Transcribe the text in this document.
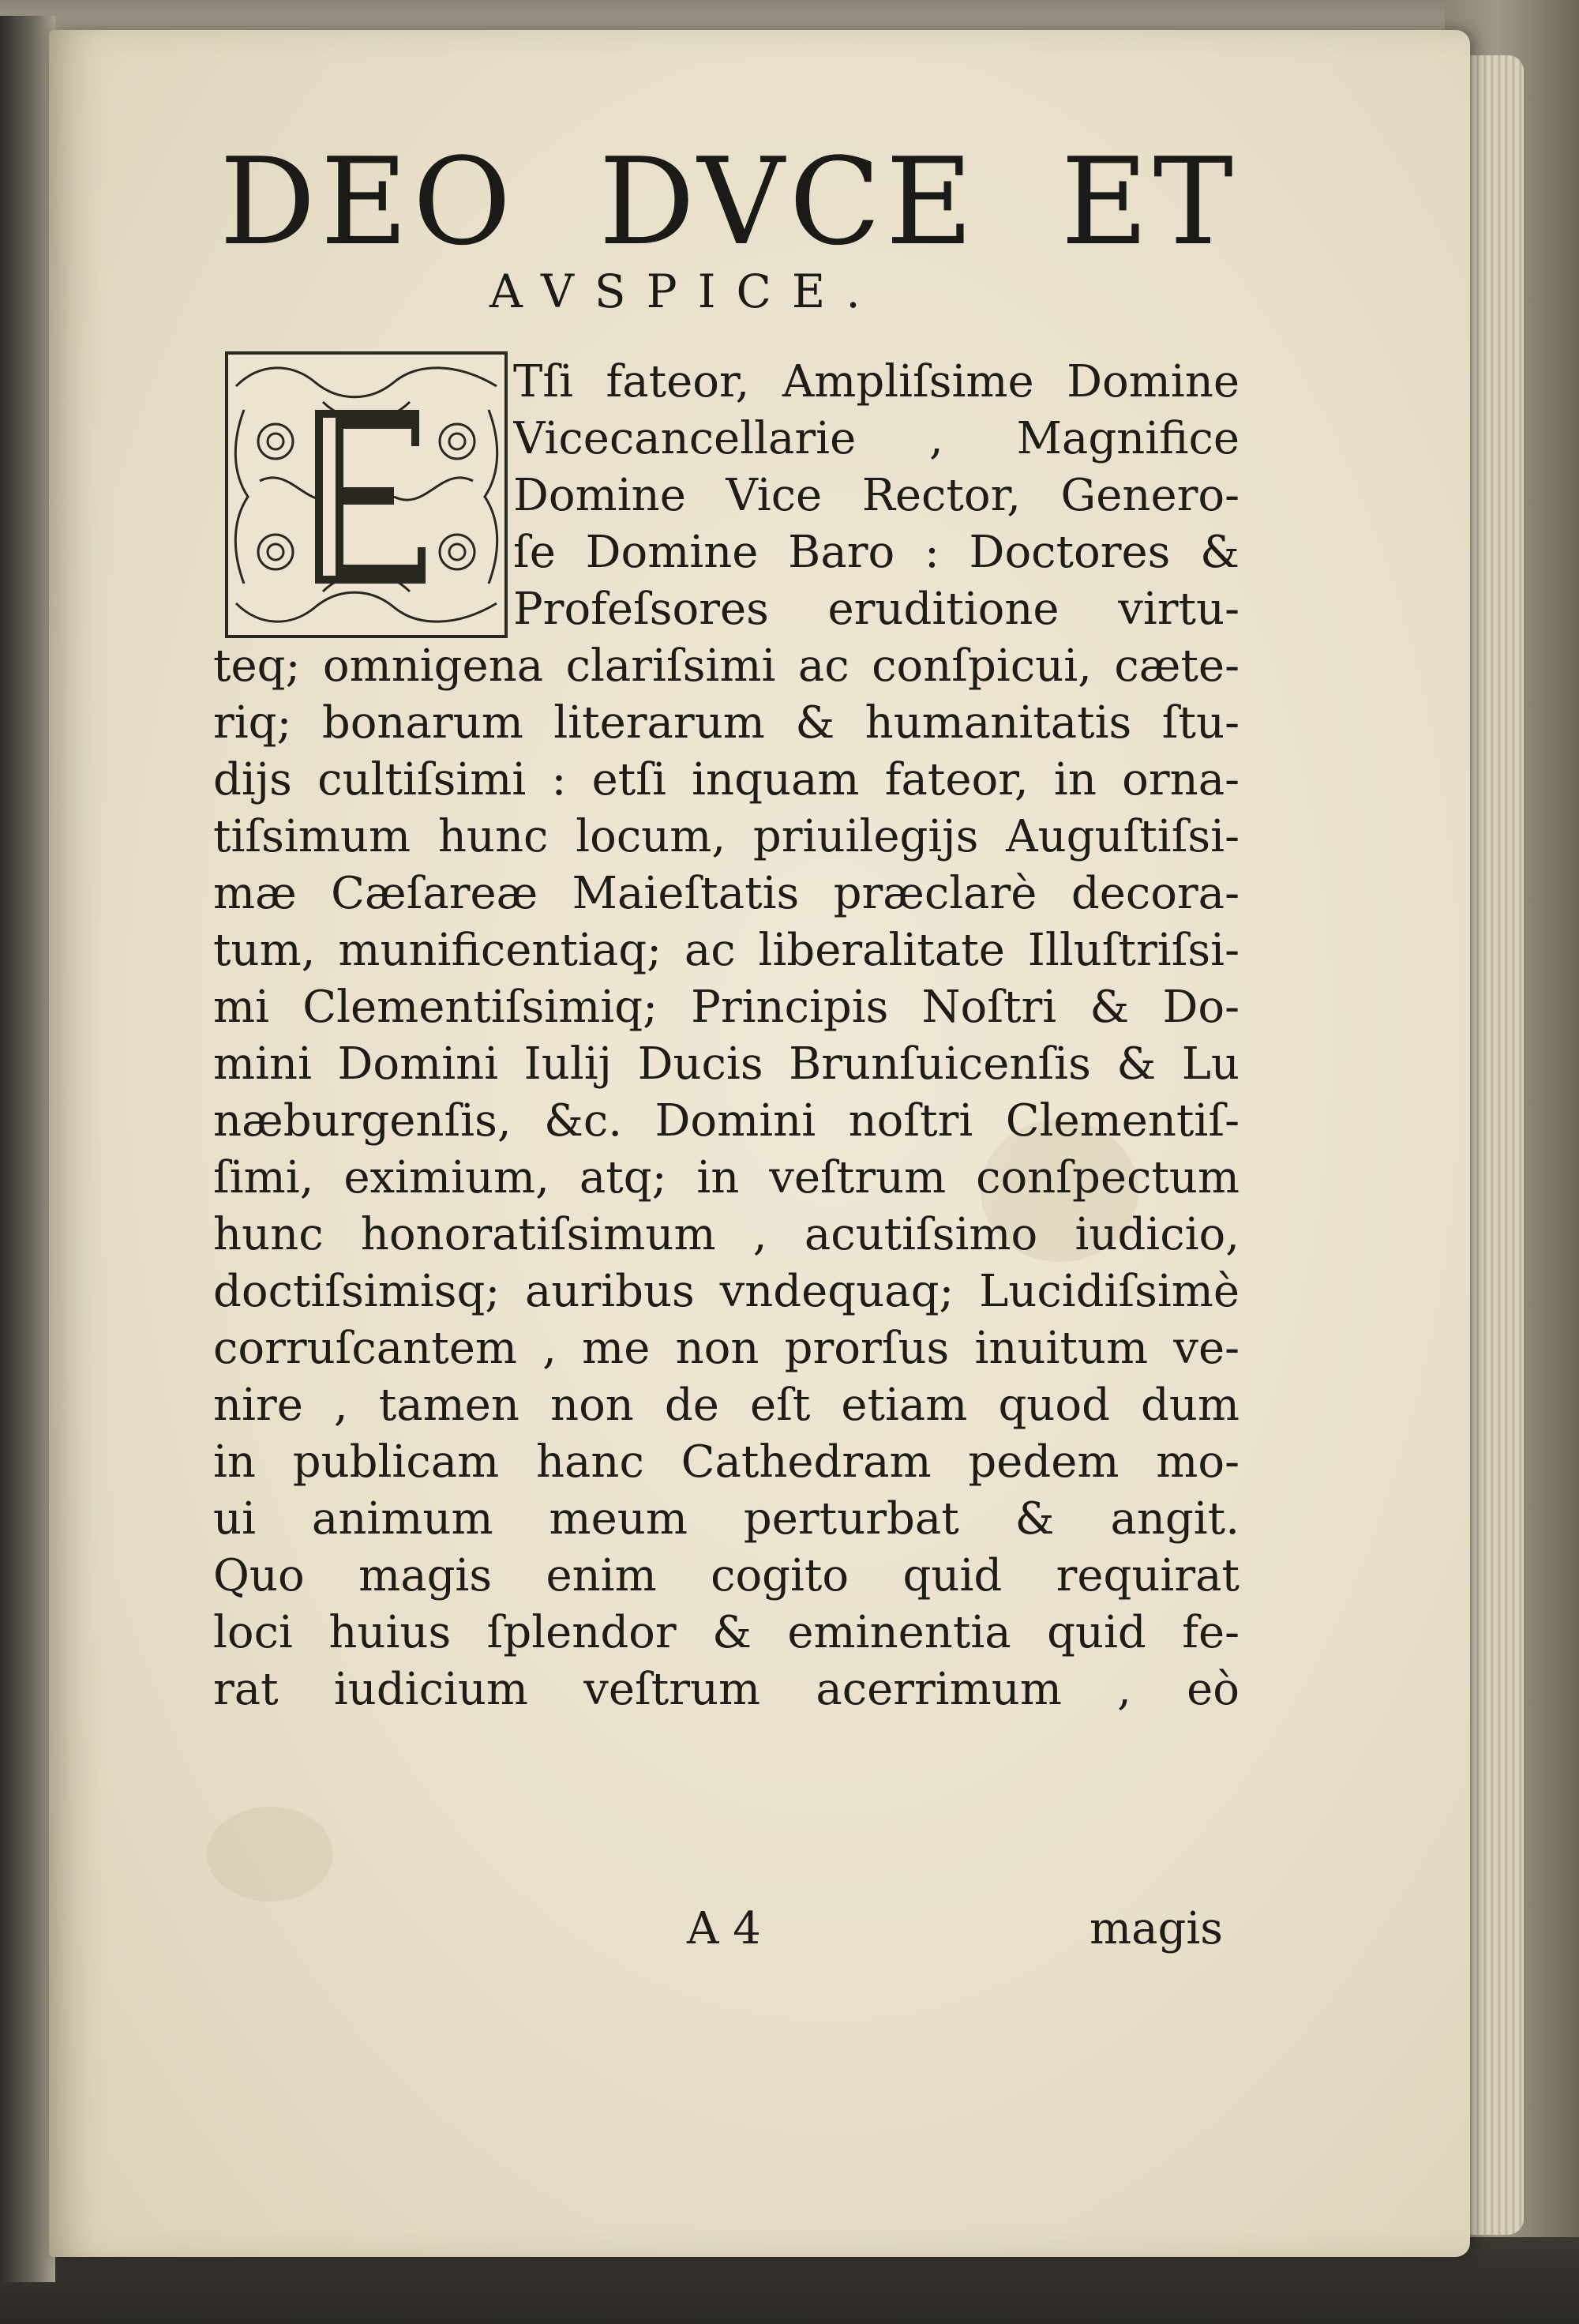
DEO DVCE ET
AVSPICE.
Tſi fateor, Ampliſsime Domine
Vicecancellarie , Magnifice
Domine Vice Rector, Genero-
ſe Domine Baro : Doctores &
Profeſsores eruditione virtu-
teq; omnigena clariſsimi ac conſpicui, cæte-
riq; bonarum literarum & humanitatis ſtu-
dijs cultiſsimi : etſi inquam fateor, in orna-
tiſsimum hunc locum, priuilegijs Auguſtiſsi-
mæ Cæſareæ Maieſtatis præclarè decora-
tum, munificentiaq; ac liberalitate Illuſtriſsi-
mi Clementiſsimiq; Principis Noſtri & Do-
mini Domini Iulij Ducis Brunſuicenſis & Lu
næburgenſis, &c. Domini noſtri Clementiſ-
ſimi, eximium, atq; in veſtrum conſpectum
hunc honoratiſsimum , acutiſsimo iudicio,
doctiſsimisq; auribus vndequaq; Lucidiſsimè
corruſcantem , me non prorſus inuitum ve-
nire , tamen non de eſt etiam quod dum
in publicam hanc Cathedram pedem mo-
ui animum meum perturbat & angit.
Quo magis enim cogito quid requirat
loci huius ſplendor & eminentia quid fe-
rat iudicium veſtrum acerrimum , eò
A 4	magis
